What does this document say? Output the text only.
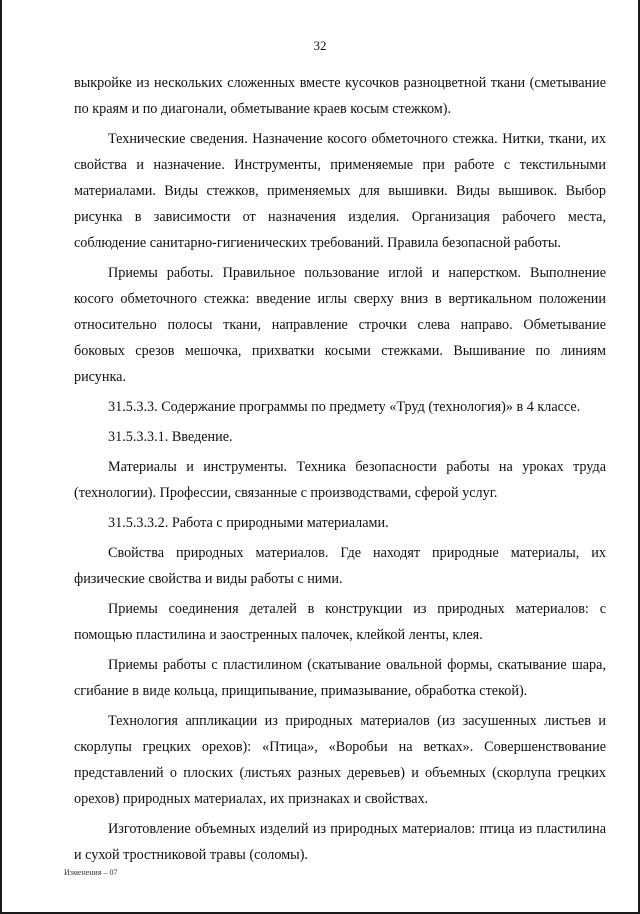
32

выкройке из нескольких сложенных вместе кусочков разноцветной ткани (сметывание по краям и по диагонали, обметывание краев косым стежком).

Технические сведения. Назначение косого обметочного стежка. Нитки, ткани, их свойства и назначение. Инструменты, применяемые при работе с текстильными материалами. Виды стежков, применяемых для вышивки. Виды вышивок. Выбор рисунка в зависимости от назначения изделия. Организация рабочего места, соблюдение санитарно-гигиенических требований. Правила безопасной работы.

Приемы работы. Правильное пользование иглой и наперстком. Выполнение косого обметочного стежка: введение иглы сверху вниз в вертикальном положении относительно полосы ткани, направление строчки слева направо. Обметывание боковых срезов мешочка, прихватки косыми стежками. Вышивание по линиям рисунка.

31.5.3.3. Содержание программы по предмету «Труд (технология)» в 4 классе.

31.5.3.3.1. Введение.

Материалы и инструменты. Техника безопасности работы на уроках труда (технологии). Профессии, связанные с производствами, сферой услуг.

31.5.3.3.2. Работа с природными материалами.

Свойства природных материалов. Где находят природные материалы, их физические свойства и виды работы с ними.

Приемы соединения деталей в конструкции из природных материалов: с помощью пластилина и заостренных палочек, клейкой ленты, клея.

Приемы работы с пластилином (скатывание овальной формы, скатывание шара, сгибание в виде кольца, прищипывание, примазывание, обработка стекой).

Технология аппликации из природных материалов (из засушенных листьев и скорлупы грецких орехов): «Птица», «Воробьи на ветках». Совершенствование представлений о плоских (листьях разных деревьев) и объемных (скорлупа грецких орехов) природных материалах, их признаках и свойствах.

Изготовление объемных изделий из природных материалов: птица из пластилина и сухой тростниковой травы (соломы).

Изменения – 07
